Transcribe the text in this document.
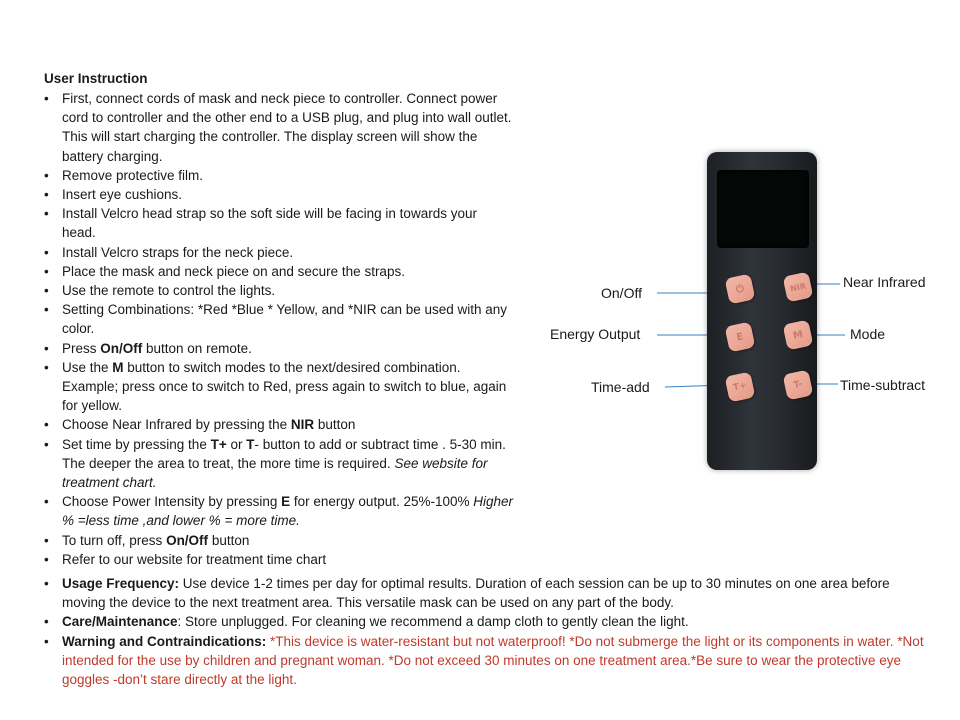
User Instruction
• First, connect cords of mask and neck piece to controller. Connect power cord to controller and the other end to a USB plug, and plug into wall outlet. This will start charging the controller. The display screen will show the battery charging.
• Remove protective film.
• Insert eye cushions.
• Install Velcro head strap so the soft side will be facing in towards your head.
• Install Velcro straps for the neck piece.
• Place the mask and neck piece on and secure the straps.
• Use the remote to control the lights.
• Setting Combinations: *Red *Blue * Yellow, and *NIR can be used with any color.
• Press On/Off button on remote.
• Use the M button to switch modes to the next/desired combination. Example; press once to switch to Red, press again to switch to blue, again for yellow.
• Choose Near Infrared by pressing the NIR button
• Set time by pressing the T+ or T- button to add or subtract time . 5-30 min. The deeper the area to treat, the more time is required. See website for treatment chart.
• Choose Power Intensity by pressing E for energy output. 25%-100% Higher % =less time ,and lower % = more time.
• To turn off, press On/Off button
• Refer to our website for treatment time chart
• Usage Frequency: Use device 1-2 times per day for optimal results. Duration of each session can be up to 30 minutes on one area before moving the device to the next treatment area. This versatile mask can be used on any part of the body.
• Care/Maintenance: Store unplugged. For cleaning we recommend a damp cloth to gently clean the light.
• Warning and Contraindications: *This device is water-resistant but not waterproof! *Do not submerge the light or its components in water. *Not intended for the use by children and pregnant woman. *Do not exceed 30 minutes on one treatment area.*Be sure to wear the protective eye goggles -don’t stare directly at the light.
⏻	NIR
E	M
T+	T-
On/Off
Near Infrared
Energy Output	Mode
Time-add	Time-subtract
